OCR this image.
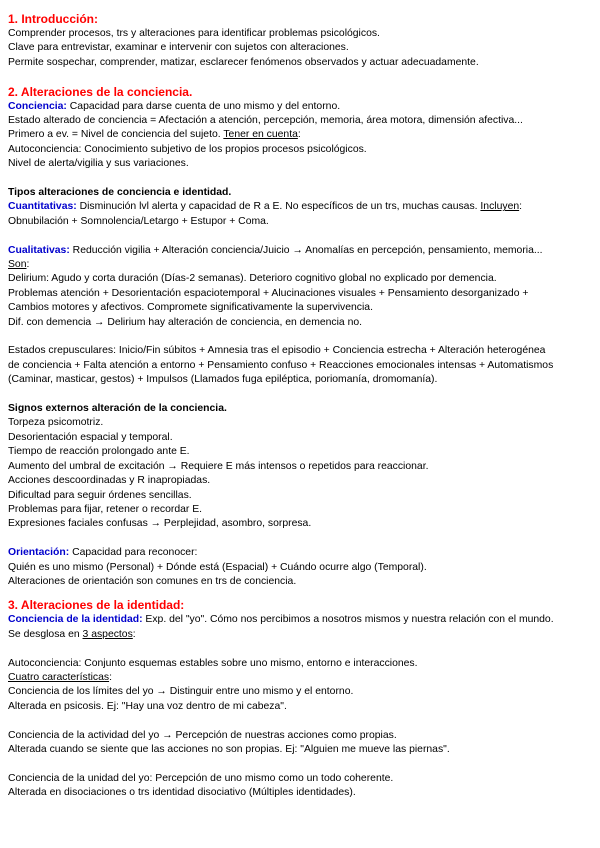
1. Introducción:

Comprender procesos, trs y alteraciones para identificar problemas psicológicos.

Clave para entrevistar, examinar e intervenir con sujetos con alteraciones.

Permite sospechar, comprender, matizar, esclarecer fenómenos observados y actuar adecuadamente.

2. Alteraciones de la conciencia.

Conciencia: Capacidad para darse cuenta de uno mismo y del entorno.

Estado alterado de conciencia = Afectación a atención, percepción, memoria, área motora, dimensión afectiva...

Primero a ev. = Nivel de conciencia del sujeto. Tener en cuenta:

Autoconciencia: Conocimiento subjetivo de los propios procesos psicológicos.

Nivel de alerta/vigilia y sus variaciones.

Tipos alteraciones de conciencia e identidad.

Cuantitativas: Disminución lvl alerta y capacidad de R a E. No específicos de un trs, muchas causas. Incluyen:

Obnubilación + Somnolencia/Letargo + Estupor + Coma.

Cualitativas: Reducción vigilia + Alteración conciencia/Juicio → Anomalías en percepción, pensamiento, memoria...

Son:

Delirium: Agudo y corta duración (Días-2 semanas). Deterioro cognitivo global no explicado por demencia.

Problemas atención + Desorientación espaciotemporal + Alucinaciones visuales + Pensamiento desorganizado +

Cambios motores y afectivos. Compromete significativamente la supervivencia.

Dif. con demencia → Delirium hay alteración de conciencia, en demencia no.

Estados crepusculares: Inicio/Fin súbitos + Amnesia tras el episodio + Conciencia estrecha + Alteración heterogénea

de conciencia + Falta atención a entorno + Pensamiento confuso + Reacciones emocionales intensas + Automatismos

(Caminar, masticar, gestos) + Impulsos (Llamados fuga epiléptica, poriomanía, dromomanía).

Signos externos alteración de la conciencia.

Torpeza psicomotriz.

Desorientación espacial y temporal.

Tiempo de reacción prolongado ante E.

Aumento del umbral de excitación → Requiere E más intensos o repetidos para reaccionar.

Acciones descoordinadas y R inapropiadas.

Dificultad para seguir órdenes sencillas.

Problemas para fijar, retener o recordar E.

Expresiones faciales confusas → Perplejidad, asombro, sorpresa.

Orientación: Capacidad para reconocer:

Quién es uno mismo (Personal) + Dónde está (Espacial) + Cuándo ocurre algo (Temporal).

Alteraciones de orientación son comunes en trs de conciencia.

3. Alteraciones de la identidad:

Conciencia de la identidad: Exp. del "yo". Cómo nos percibimos a nosotros mismos y nuestra relación con el mundo.

Se desglosa en 3 aspectos:

Autoconciencia: Conjunto esquemas estables sobre uno mismo, entorno e interacciones.

Cuatro características:

Conciencia de los límites del yo → Distinguir entre uno mismo y el entorno.

Alterada en psicosis. Ej: "Hay una voz dentro de mi cabeza".

Conciencia de la actividad del yo → Percepción de nuestras acciones como propias.

Alterada cuando se siente que las acciones no son propias. Ej: "Alguien me mueve las piernas".

Conciencia de la unidad del yo: Percepción de uno mismo como un todo coherente.

Alterada en disociaciones o trs identidad disociativo (Múltiples identidades).
